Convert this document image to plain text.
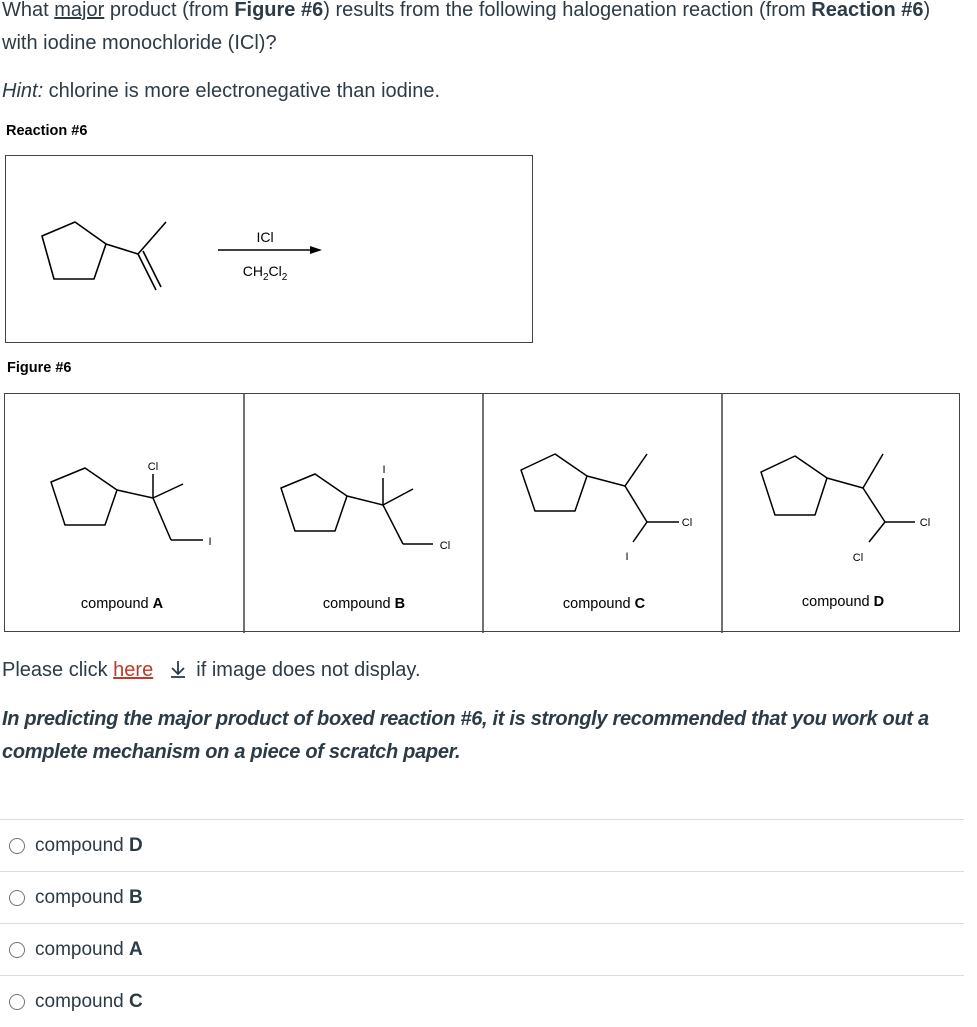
What major product (from Figure #6) results from the following halogenation reaction (from Reaction #6) with iodine monochloride (ICl)?
Hint: chlorine is more electronegative than iodine.
Reaction #6
ICl
$CH_2Cl_2$
Figure #6
Cl
I
compound A
I
Cl
compound B
Cl
I
compound C
Cl
Cl
compound D
Please click here  if image does not display.
In predicting the major product of boxed reaction #6, it is strongly recommended that you work out a complete mechanism on a piece of scratch paper.
compound D
compound B
compound A
compound C
